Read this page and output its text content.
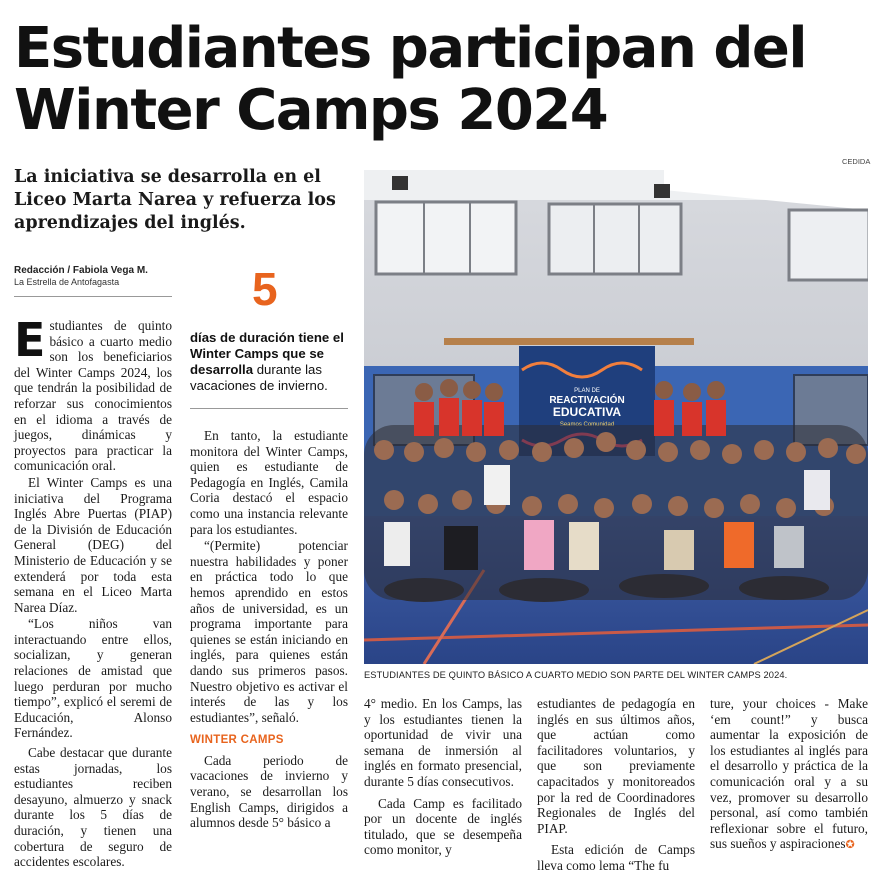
Estudiantes participan del Winter Camps 2024
La iniciativa se desarrolla en el Liceo Marta Narea y refuerza los aprendizajes del inglés.
CEDIDA
Redacción / Fabiola Vega M.
La Estrella de Antofagasta

Estudiantes de quinto básico a cuarto medio son los beneficiarios del Winter Camps 2024, los que tendrán la posibilidad de reforzar sus conocimientos en el idioma a través de juegos, dinámicas y proyectos para practicar la comunicación oral.

El Winter Camps es una iniciativa del Programa Inglés Abre Puertas (PIAP) de la División de Educación General (DEG) del Ministerio de Educación y se extenderá por toda esta semana en el Liceo Marta Narea Díaz.

“Los niños van interactuando entre ellos, socializan, y generan relaciones de amistad que luego perduran por mucho tiempo”, explicó el seremi de Educación, Alonso Fernández.

Cabe destacar que durante estas jornadas, los estudiantes reciben desayuno, almuerzo y snack durante los 5 días de duración, y tienen una cobertura de seguro de accidentes escolares.

5
días de duración tiene el Winter Camps que se desarrolla durante las vacaciones de invierno.

En tanto, la estudiante monitora del Winter Camps, quien es estudiante de Pedagogía en Inglés, Camila Coria destacó el espacio como una instancia relevante para los estudiantes.

“(Permite) potenciar nuestra habilidades y poner en práctica todo lo que hemos aprendido en estos años de universidad, es un programa importante para quienes se están iniciando en inglés, para quienes están dando sus primeros pasos. Nuestro objetivo es activar el interés de las y los estudiantes”, señaló.

WINTER CAMPS

Cada periodo de vacaciones de invierno y verano, se desarrollan los English Camps, dirigidos a alumnos desde 5° básico a

PLAN DE
REACTIVACIÓN
EDUCATIVA
ESTUDIANTES DE QUINTO BÁSICO A CUARTO MEDIO SON PARTE DEL WINTER CAMPS 2024.

4° medio. En los Camps, las y los estudiantes tienen la oportunidad de vivir una semana de inmersión al inglés en formato presencial, durante 5 días consecutivos.

Cada Camp es facilitado por un docente de inglés titulado, que se desempeña como monitor, y

estudiantes de pedagogía en inglés en sus últimos años, que actúan como facilitadores voluntarios, y que son previamente capacitados y monitoreados por la red de Coordinadores Regionales de Inglés del PIAP.

Esta edición de Camps lleva como lema “The fu

ture, your choices - Make ‘em count!” y busca aumentar la exposición de los estudiantes al inglés para el desarrollo y práctica de la comunicación oral y a su vez, promover su desarrollo personal, así como también reflexionar sobre el futuro, sus sueños y aspiraciones✪
